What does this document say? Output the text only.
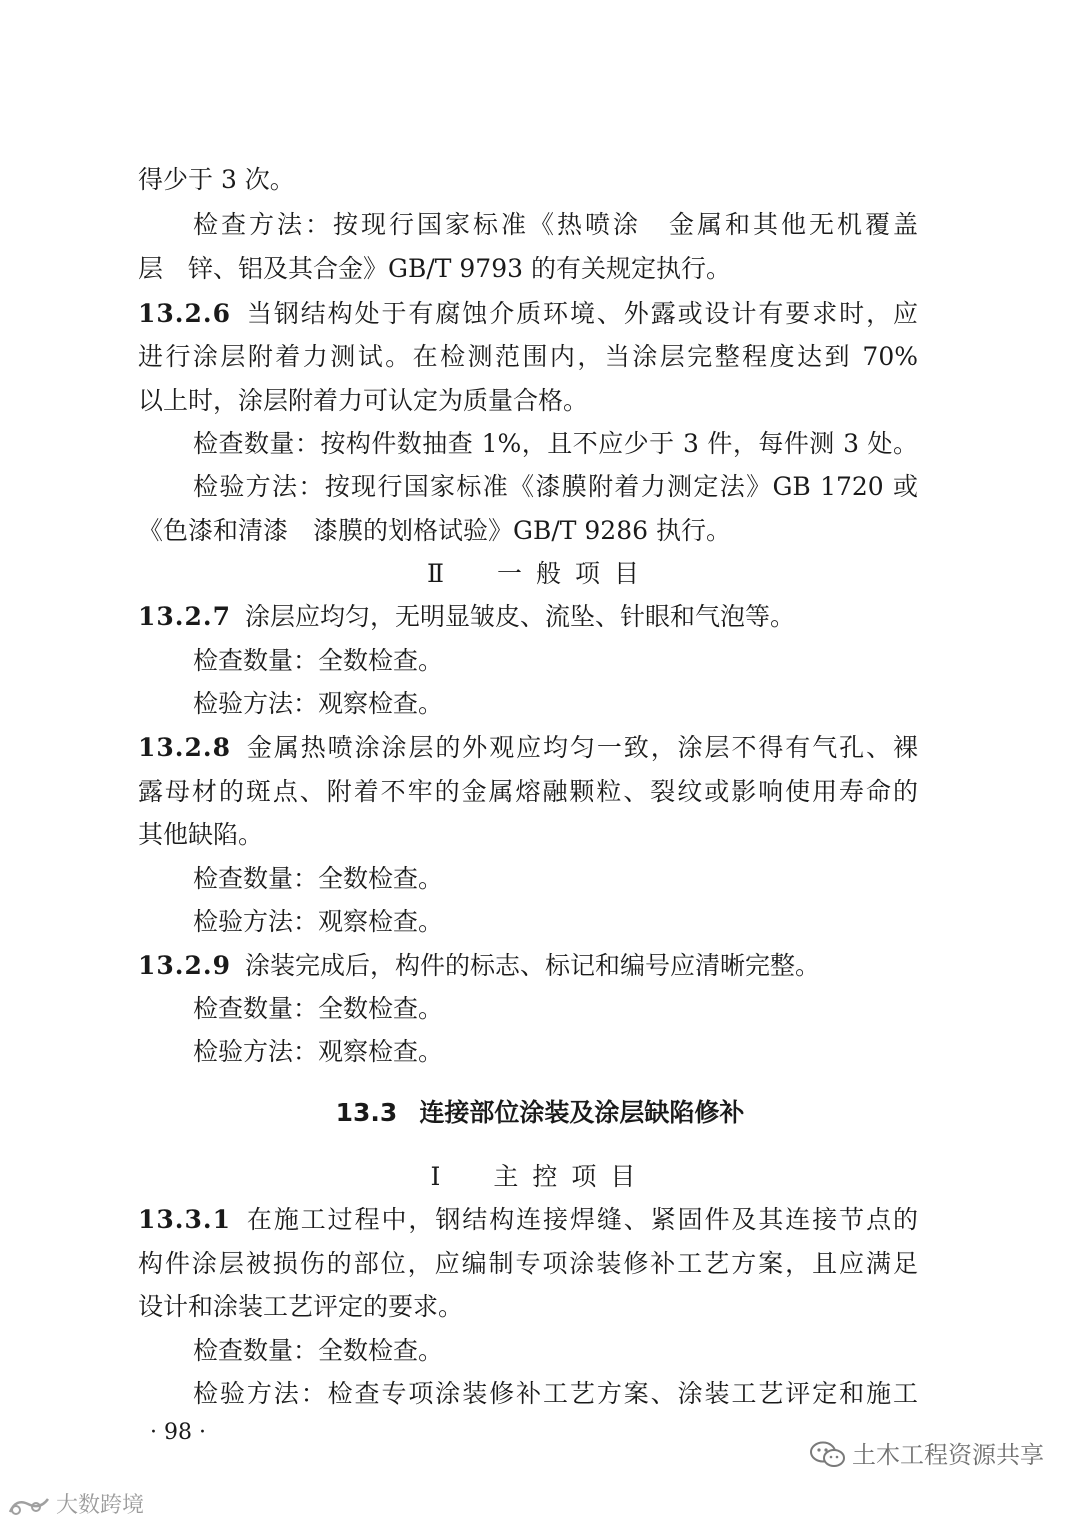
得少于 3 次。
检查方法：按现行国家标准《热喷涂　金属和其他无机覆盖
层　锌、铝及其合金》GB/T 9793 的有关规定执行。
13.2.6 当钢结构处于有腐蚀介质环境、外露或设计有要求时，应
进行涂层附着力测试。在检测范围内，当涂层完整程度达到 70%
以上时，涂层附着力可认定为质量合格。
检查数量：按构件数抽查 1%，且不应少于 3 件，每件测 3 处。
检验方法：按现行国家标准《漆膜附着力测定法》GB 1720 或
《色漆和清漆　漆膜的划格试验》GB/T 9286 执行。
Ⅱ　一般项目
13.2.7 涂层应均匀，无明显皱皮、流坠、针眼和气泡等。
检查数量：全数检查。
检验方法：观察检查。
13.2.8 金属热喷涂涂层的外观应均匀一致，涂层不得有气孔、裸
露母材的斑点、附着不牢的金属熔融颗粒、裂纹或影响使用寿命的
其他缺陷。
检查数量：全数检查。
检验方法：观察检查。
13.2.9 涂装完成后，构件的标志、标记和编号应清晰完整。
检查数量：全数检查。
检验方法：观察检查。
13.3 连接部位涂装及涂层缺陷修补
Ⅰ　主控项目
13.3.1 在施工过程中，钢结构连接焊缝、紧固件及其连接节点的
构件涂层被损伤的部位，应编制专项涂装修补工艺方案，且应满足
设计和涂装工艺评定的要求。
检查数量：全数检查。
检验方法：检查专项涂装修补工艺方案、涂装工艺评定和施工
· 98 ·
土木工程资源共享
大数跨境
